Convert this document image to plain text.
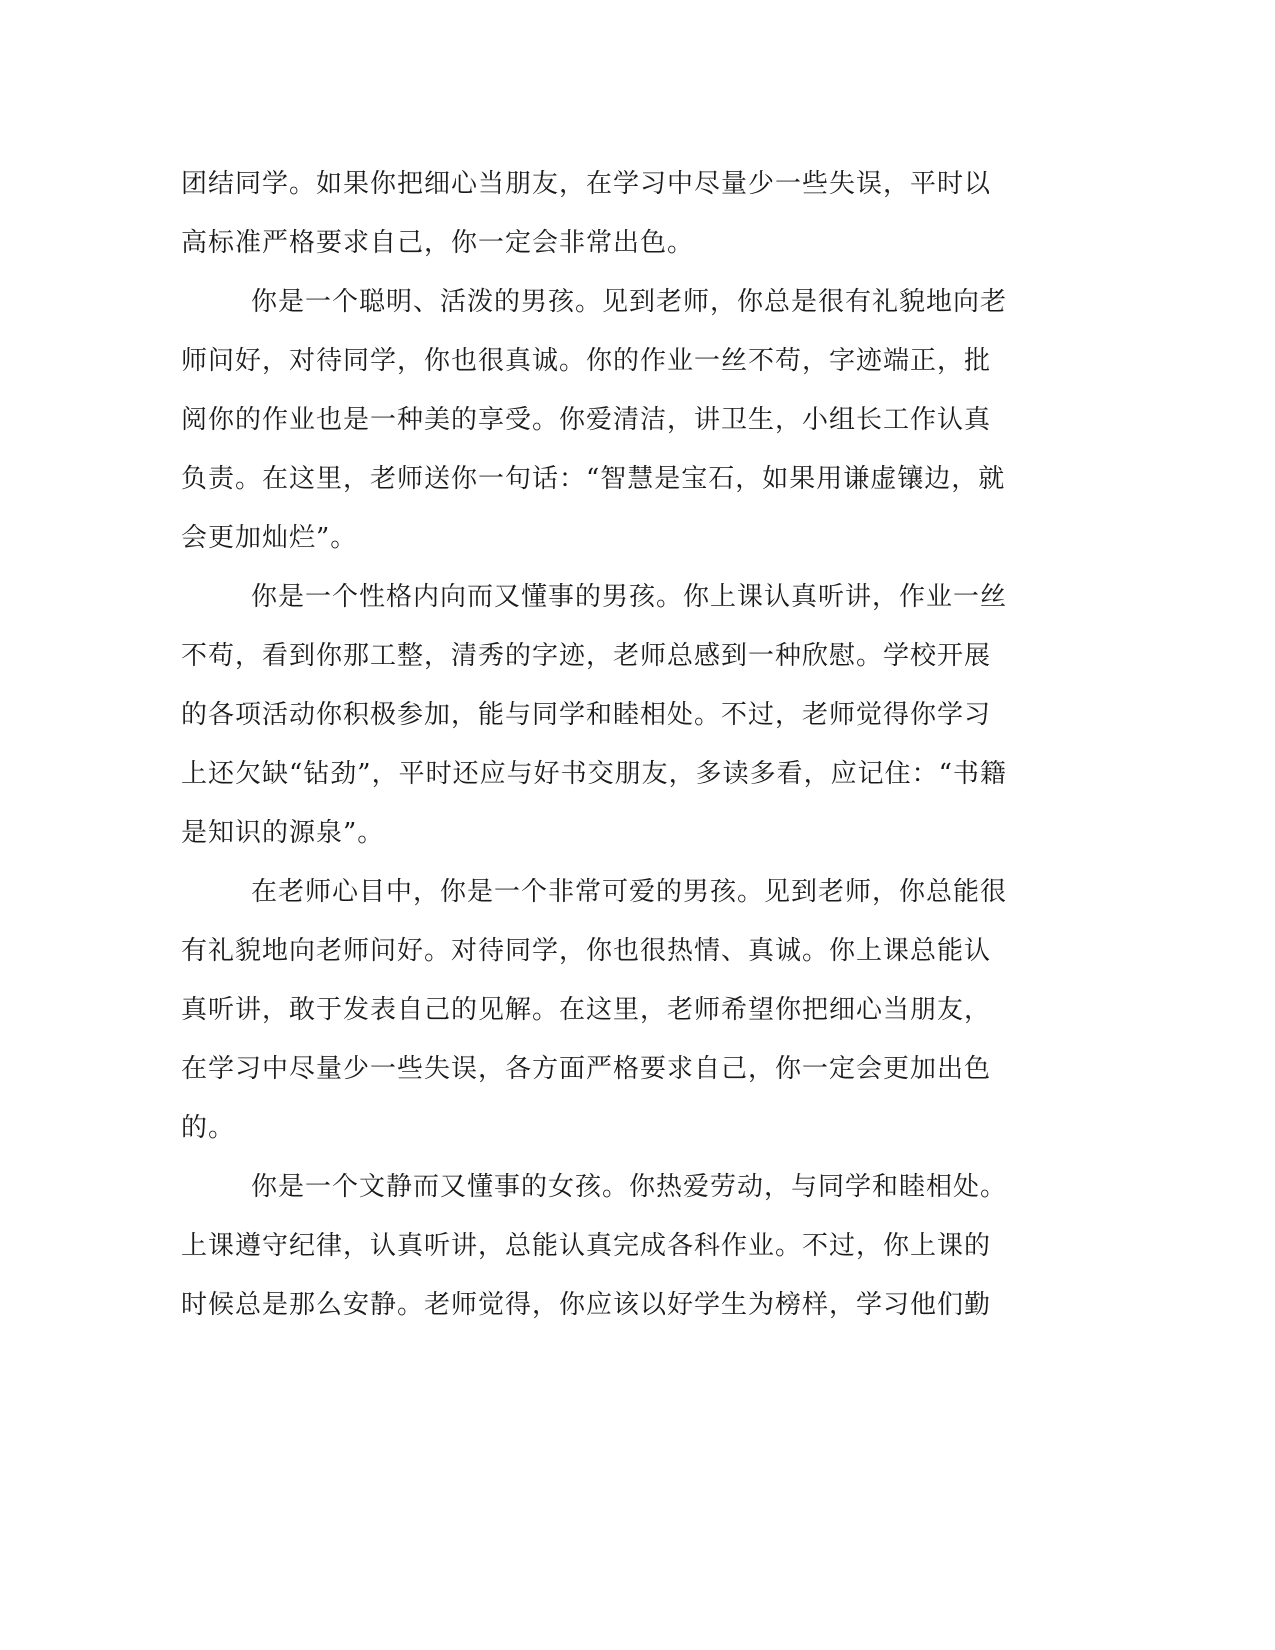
团结同学。如果你把细心当朋友，在学习中尽量少一些失误，平时以
高标准严格要求自己，你一定会非常出色。
你是一个聪明、活泼的男孩。见到老师，你总是很有礼貌地向老
师问好，对待同学，你也很真诚。你的作业一丝不苟，字迹端正，批
阅你的作业也是一种美的享受。你爱清洁，讲卫生，小组长工作认真
负责。在这里，老师送你一句话：“智慧是宝石，如果用谦虚镶边，就
会更加灿烂”。
你是一个性格内向而又懂事的男孩。你上课认真听讲，作业一丝
不苟，看到你那工整，清秀的字迹，老师总感到一种欣慰。学校开展
的各项活动你积极参加，能与同学和睦相处。不过，老师觉得你学习
上还欠缺“钻劲”，平时还应与好书交朋友，多读多看，应记住：“书籍
是知识的源泉”。
在老师心目中，你是一个非常可爱的男孩。见到老师，你总能很
有礼貌地向老师问好。对待同学，你也很热情、真诚。你上课总能认
真听讲，敢于发表自己的见解。在这里，老师希望你把细心当朋友，
在学习中尽量少一些失误，各方面严格要求自己，你一定会更加出色
的。
你是一个文静而又懂事的女孩。你热爱劳动，与同学和睦相处。
上课遵守纪律，认真听讲，总能认真完成各科作业。不过，你上课的
时候总是那么安静。老师觉得，你应该以好学生为榜样，学习他们勤
